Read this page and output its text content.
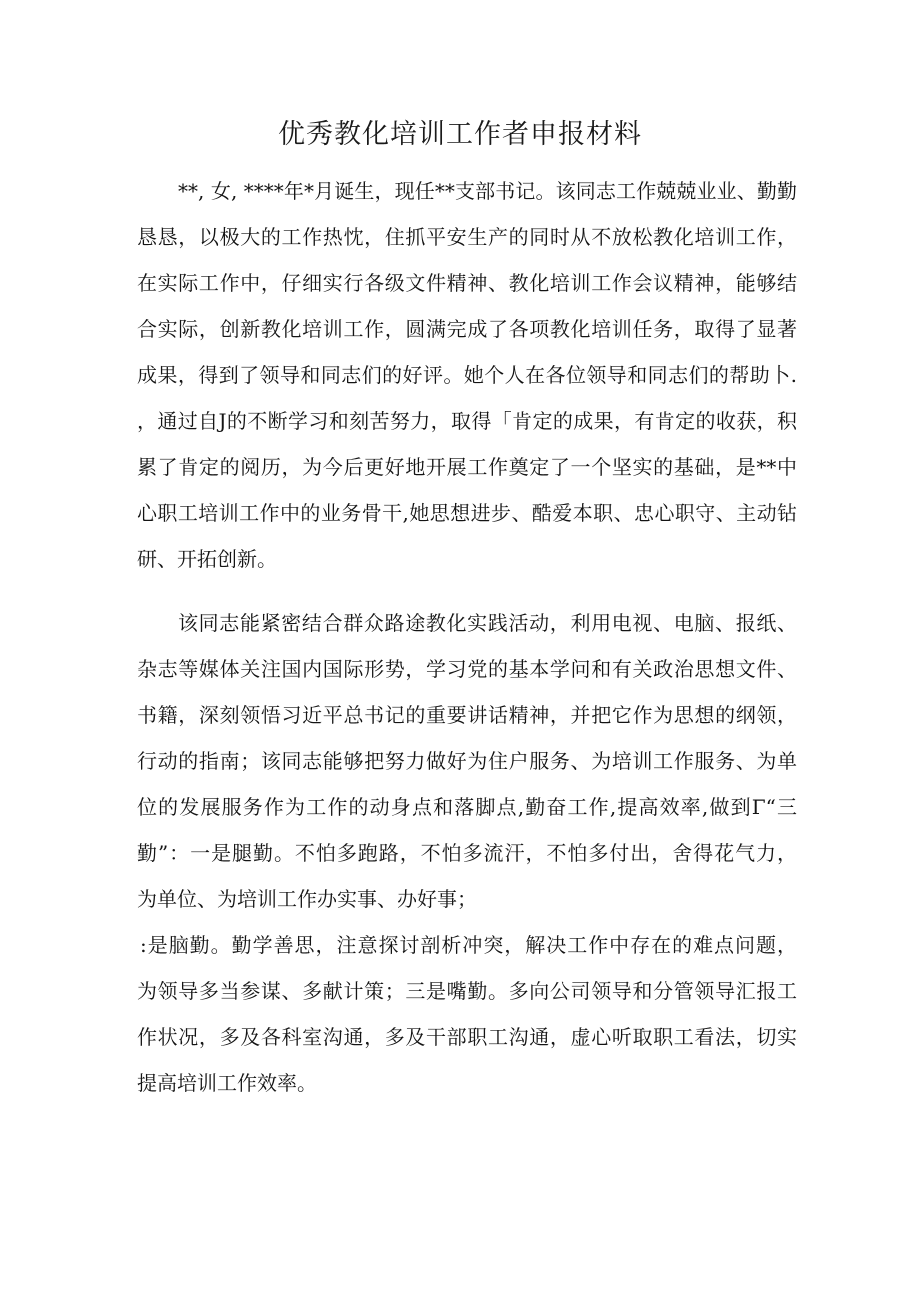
优秀教化培训工作者申报材料
**, 女, ****年*月诞生，现任**支部书记。该同志工作兢兢业业、勤勤
恳恳，以极大的工作热忱，住抓平安生产的同时从不放松教化培训工作，
在实际工作中，仔细实行各级文件精神、教化培训工作会议精神，能够结
合实际，创新教化培训工作，圆满完成了各项教化培训任务，取得了显著
成果，得到了领导和同志们的好评。她个人在各位领导和同志们的帮助卜.
，通过自J的不断学习和刻苦努力，取得「肯定的成果，有肯定的收获，积
累了肯定的阅历，为今后更好地开展工作奠定了一个坚实的基础，是**中
心职工培训工作中的业务骨干,她思想进步、酷爱本职、忠心职守、主动钻
研、开拓创新。
该同志能紧密结合群众路途教化实践活动，利用电视、电脑、报纸、
杂志等媒体关注国内国际形势，学习党的基本学问和有关政治思想文件、
书籍，深刻领悟习近平总书记的重要讲话精神，并把它作为思想的纲领，
行动的指南；该同志能够把努力做好为住户服务、为培训工作服务、为单
位的发展服务作为工作的动身点和落脚点,勤奋工作,提高效率,做到Γ“三
勤”：一是腿勤。不怕多跑路，不怕多流汗，不怕多付出，舍得花气力，
为单位、为培训工作办实事、办好事；
:是脑勤。勤学善思，注意探讨剖析冲突，解决工作中存在的难点问题，
为领导多当参谋、多献计策；三是嘴勤。多向公司领导和分管领导汇报工
作状况，多及各科室沟通，多及干部职工沟通，虚心听取职工看法，切实
提高培训工作效率。
